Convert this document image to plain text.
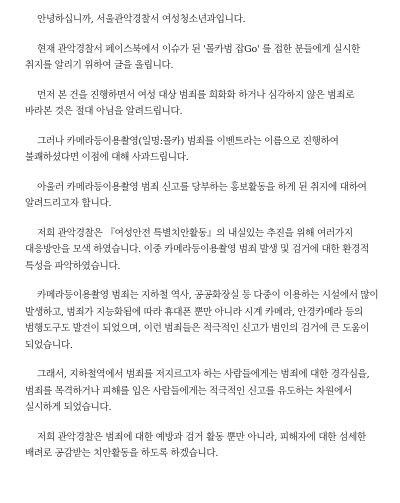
안녕하십니까, 서울관악경찰서 여성청소년과입니다.

현재 관악경찰서 페이스북에서 이슈가 된 '몰카범 잡Go' 를 접한 분들에게 실시한 취지를 알리기 위하여 글을 올립니다.

먼저 본 건을 진행하면서 여성 대상 범죄를 희화화 하거나 심각하지 않은 범죄로 바라본 것은 절대 아님을 알려드립니다.

그러나 카메라등이용촬영(일명:몰카) 범죄를 이벤트라는 이름으로 진행하여 불쾌하셨다면 이점에 대해 사과드립니다.

아울러 카메라등이용촬영 범죄 신고를 당부하는 홍보활동을 하게 된 취지에 대하여 알려드리고자 합니다.

저희 관악경찰은 『여성안전 특별치안활동』의 내실있는 추진을 위해 여러가지 대응방안을 모색 하였습니다. 이중 카메라등이용촬영 범죄 발생 및 검거에 대한 환경적 특성을 파악하였습니다.

카메라등이용촬영 범죄는 지하철 역사, 공공화장실 등 다중이 이용하는 시설에서 많이 발생하고, 범죄가 지능화됨에 따라 휴대폰 뿐만 아니라 시계 카메라, 안경카메라 등의 범행도구도 발견이 되었으며, 이런 범죄들은 적극적인 신고가 범인의 검거에 큰 도움이 되었습니다.

그래서, 지하철역에서 범죄를 저지르고자 하는 사람들에게는 범죄에 대한 경각심을, 범죄를 목격하거나 피해를 입은 사람들에게는 적극적인 신고를 유도하는 차원에서 실시하게 되었습니다.

저희 관악경찰은 범죄에 대한 예방과 검거 활동 뿐만 아니라, 피해자에 대한 섬세한 배려로 공감받는 치안활동을 하도록 하겠습니다.
